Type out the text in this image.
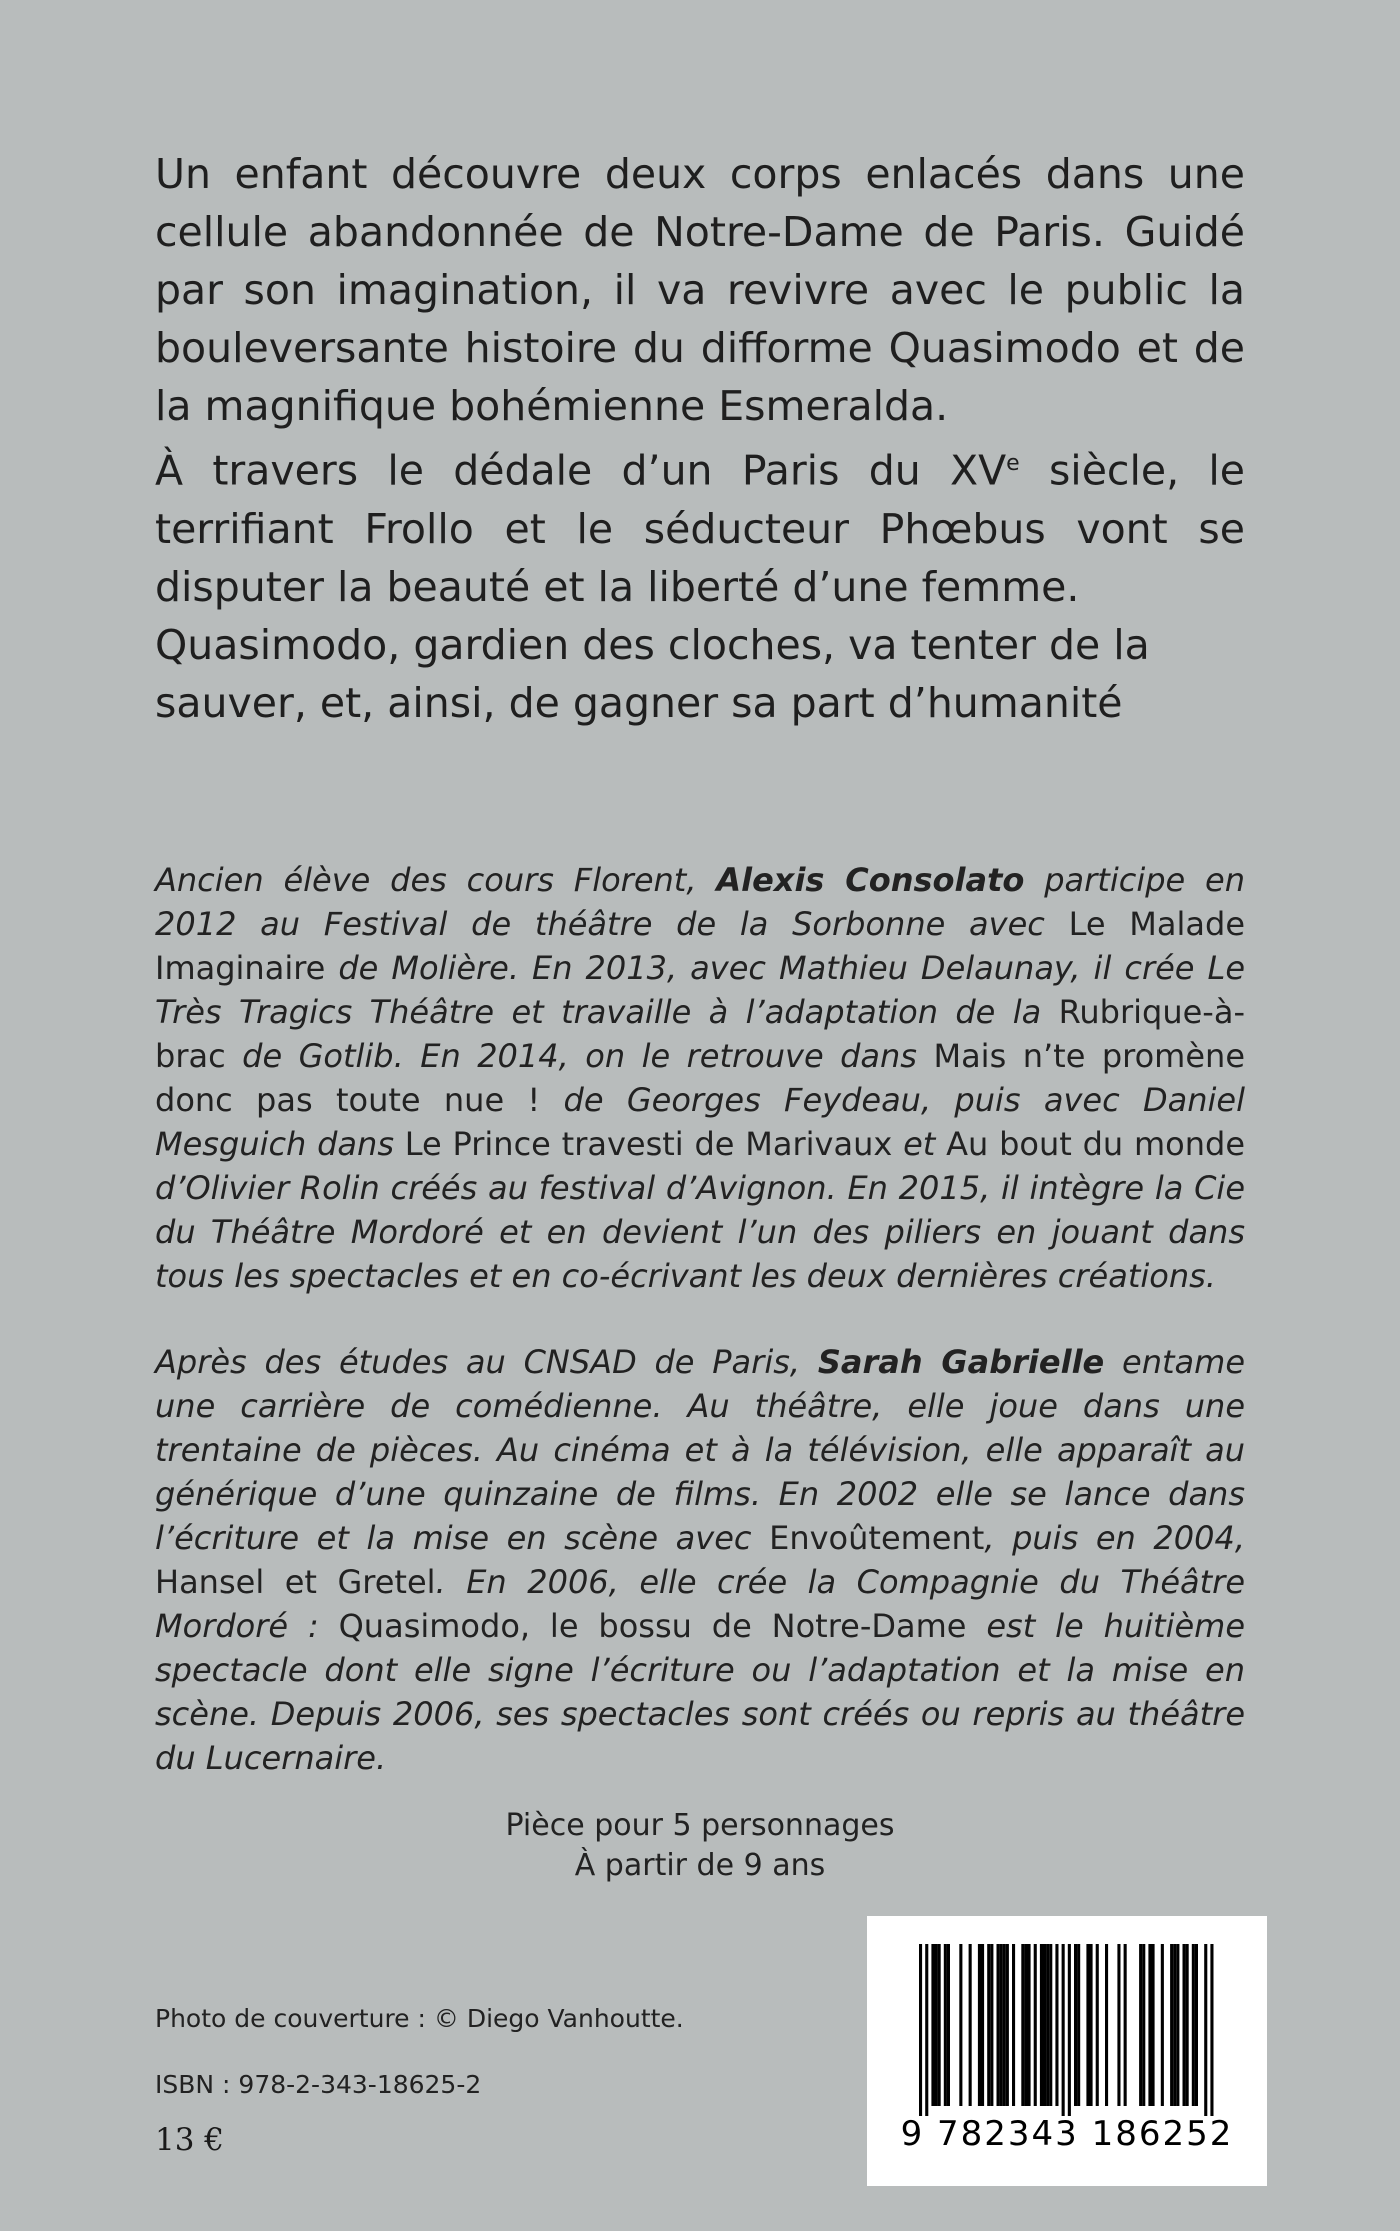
Un enfant découvre deux corps enlacés dans une cellule abandonnée de Notre-Dame de Paris. Guidé par son imagination, il va revivre avec le public la bouleversante histoire du difforme Quasimodo et de la magnifique bohémienne Esmeralda.

À travers le dédale d’un Paris du XVe siècle, le terrifiant Frollo et le séducteur Phœbus vont se disputer la beauté et la liberté d’une femme.

Quasimodo, gardien des cloches, va tenter de la sauver, et, ainsi, de gagner sa part d’humanité

Ancien élève des cours Florent, Alexis Consolato participe en 2012 au Festival de théâtre de la Sorbonne avec Le Malade Imaginaire de Molière. En 2013, avec Mathieu Delaunay, il crée Le Très Tragics Théâtre et travaille à l’adaptation de la Rubrique-à-brac de Gotlib. En 2014, on le retrouve dans Mais n’te promène donc pas toute nue ! de Georges Feydeau, puis avec Daniel Mesguich dans Le Prince travesti de Marivaux et Au bout du monde d’Olivier Rolin créés au festival d’Avignon. En 2015, il intègre la Cie du Théâtre Mordoré et en devient l’un des piliers en jouant dans tous les spectacles et en co-écrivant les deux dernières créations.

Après des études au CNSAD de Paris, Sarah Gabrielle entame une carrière de comédienne. Au théâtre, elle joue dans une trentaine de pièces. Au cinéma et à la télévision, elle apparaît au générique d’une quinzaine de films. En 2002 elle se lance dans l’écriture et la mise en scène avec Envoûtement, puis en 2004, Hansel et Gretel. En 2006, elle crée la Compagnie du Théâtre Mordoré : Quasimodo, le bossu de Notre-Dame est le huitième spectacle dont elle signe l’écriture ou l’adaptation et la mise en scène. Depuis 2006, ses spectacles sont créés ou repris au théâtre du Lucernaire.

Pièce pour 5 personnages
À partir de 9 ans
Photo de couverture : © Diego Vanhoutte.
ISBN : 978-2-343-18625-2
13 €	9 782343 186252
